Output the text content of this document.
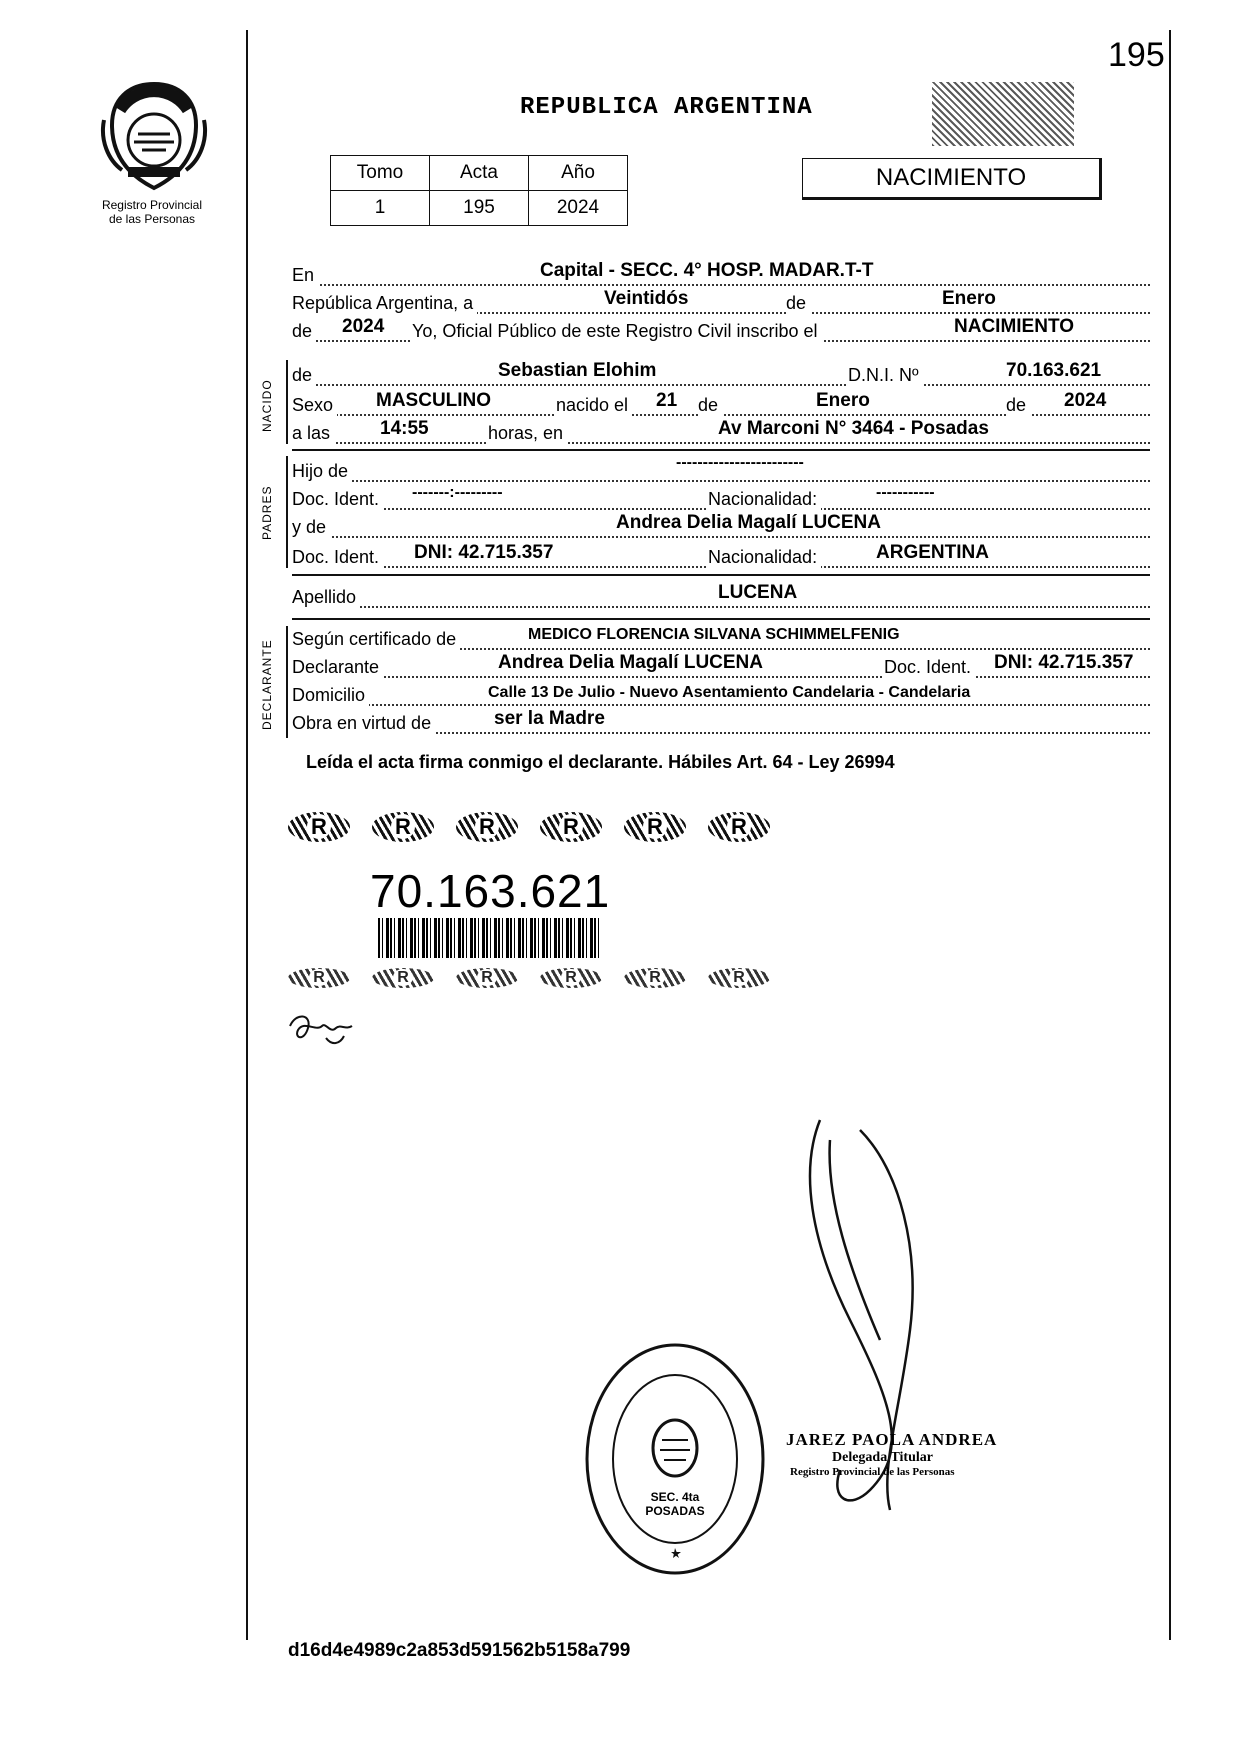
195
Registro Provincial
de las Personas
REPUBLICA ARGENTINA
Tomo	Acta	Año
1	195	2024
NACIMIENTO
En	Capital - SECC. 4° HOSP. MADAR.T-T
República Argentina, a	Veintidós	de	Enero
de 2024 Yo, Oficial Público de este Registro Civil inscribo el	NACIMIENTO
NACIDO
de	Sebastian Elohim	D.N.I. Nº	70.163.621
Sexo MASCULINO	nacido el 21 de	Enero	de 2024
a las	14:55	horas, en	Av Marconi N° 3464 - Posadas
PADRES
Hijo de	------------------------
Doc. Ident. -------:---------	Nacionalidad:	-----------
y de	Andrea Delia Magalí LUCENA
Doc. Ident. DNI: 42.715.357	Nacionalidad:	ARGENTINA
Apellido	LUCENA
DECLARANTE
Según certificado de	MEDICO FLORENCIA SILVANA SCHIMMELFENIG
Declarante	Andrea Delia Magalí LUCENA	Doc. Ident. DNI: 42.715.357
Domicilio	Calle 13 De Julio - Nuevo Asentamiento Candelaria - Candelaria
Obra en virtud de	ser la Madre
Leída el acta firma conmigo el declarante. Hábiles Art. 64 - Ley 26994
R	R	R	R	R	R
70.163.621
R	R	R	R	R	R
SEC. 4ta POSADAS
JAREZ PAOLA ANDREA
Delegada Titular
Registro Provincial de las Personas
d16d4e4989c2a853d591562b5158a799
